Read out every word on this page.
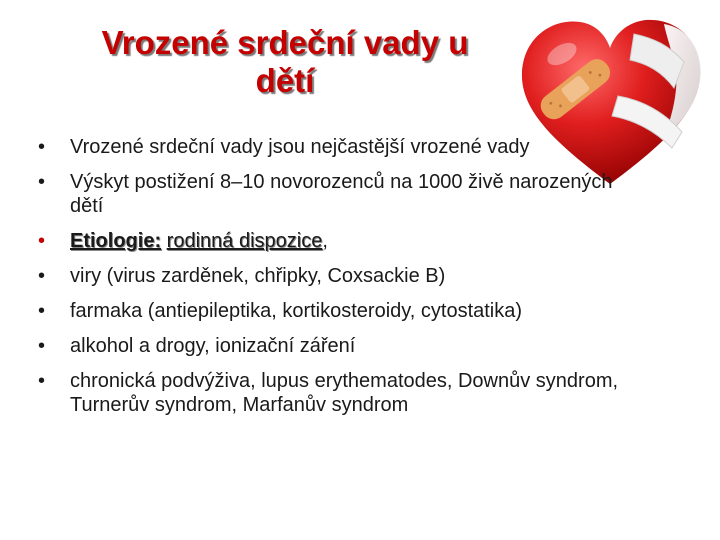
Vrozené srdeční vady u
dětí
• Vrozené srdeční vady jsou nejčastější vrozené vady
• Výskyt postižení 8–10 novorozenců na 1000 živě narozených dětí
• Etiologie: rodinná dispozice,
• viry (virus zarděnek, chřipky, Coxsackie B)
• farmaka (antiepileptika, kortikosteroidy, cytostatika)
• alkohol a drogy, ionizační záření
• chronická podvýživa, lupus erythematodes, Downův syndrom, Turnerův syndrom, Marfanův syndrom
